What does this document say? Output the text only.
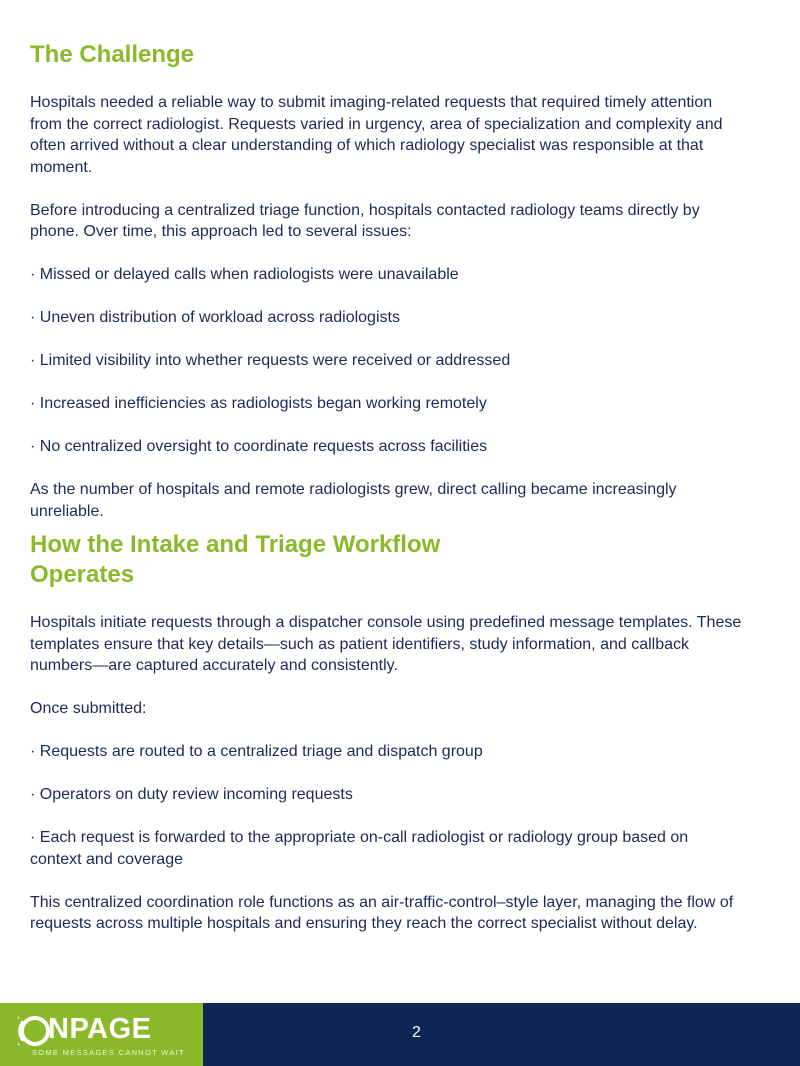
The Challenge

Hospitals needed a reliable way to submit imaging-related requests that required timely attention from the correct radiologist. Requests varied in urgency, area of specialization and complexity and often arrived without a clear understanding of which radiology specialist was responsible at that moment.

Before introducing a centralized triage function, hospitals contacted radiology teams directly by phone. Over time, this approach led to several issues:

· Missed or delayed calls when radiologists were unavailable

· Uneven distribution of workload across radiologists

· Limited visibility into whether requests were received or addressed

· Increased inefficiencies as radiologists began working remotely

· No centralized oversight to coordinate requests across facilities

As the number of hospitals and remote radiologists grew, direct calling became increasingly unreliable.

How the Intake and Triage Workflow
Operates

Hospitals initiate requests through a dispatcher console using predefined message templates. These templates ensure that key details—such as patient identifiers, study information, and callback numbers—are captured accurately and consistently.

Once submitted:

· Requests are routed to a centralized triage and dispatch group

· Operators on duty review incoming requests

· Each request is forwarded to the appropriate on-call radiologist or radiology group based on context and coverage

This centralized coordination role functions as an air-traffic-control–style layer, managing the flow of requests across multiple hospitals and ensuring they reach the correct specialist without delay.

NPAGE
SOME MESSAGES CANNOT WAIT
2
